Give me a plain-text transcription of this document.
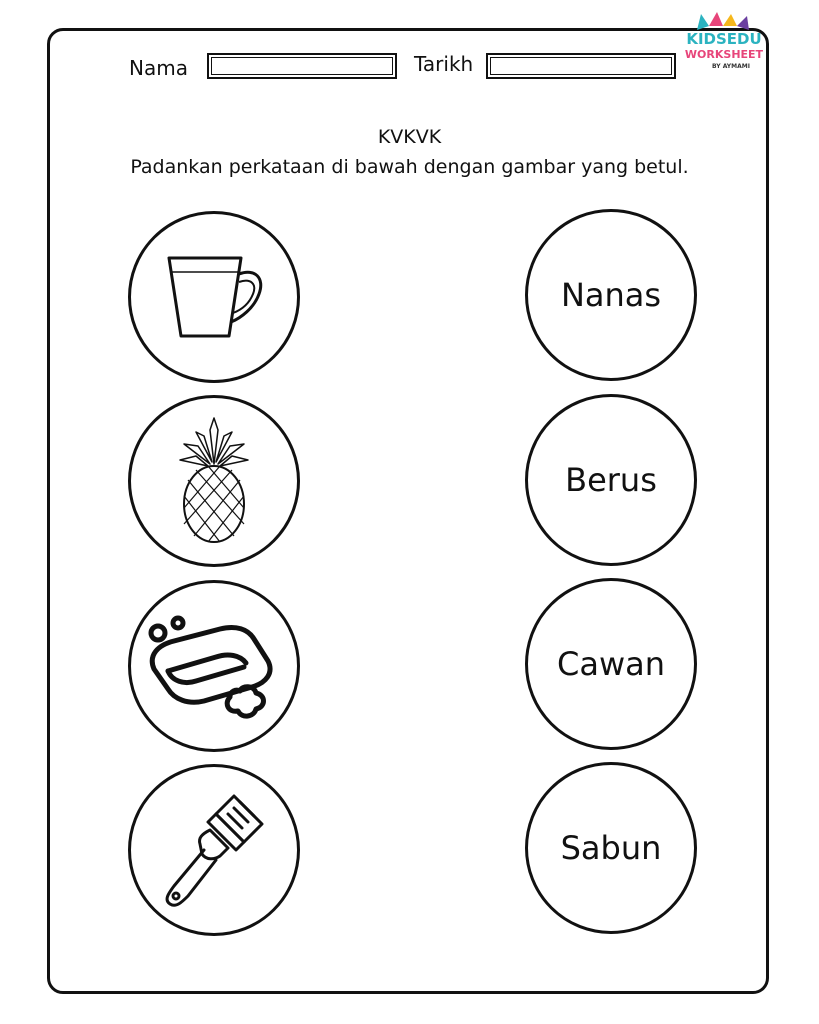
Nama	Tarikh
KIDSEDU
WORKSHEET
BY AYMAMI
KVKVK
Padankan perkataan di bawah dengan gambar yang betul.
Nanas
Berus
Cawan
Sabun
